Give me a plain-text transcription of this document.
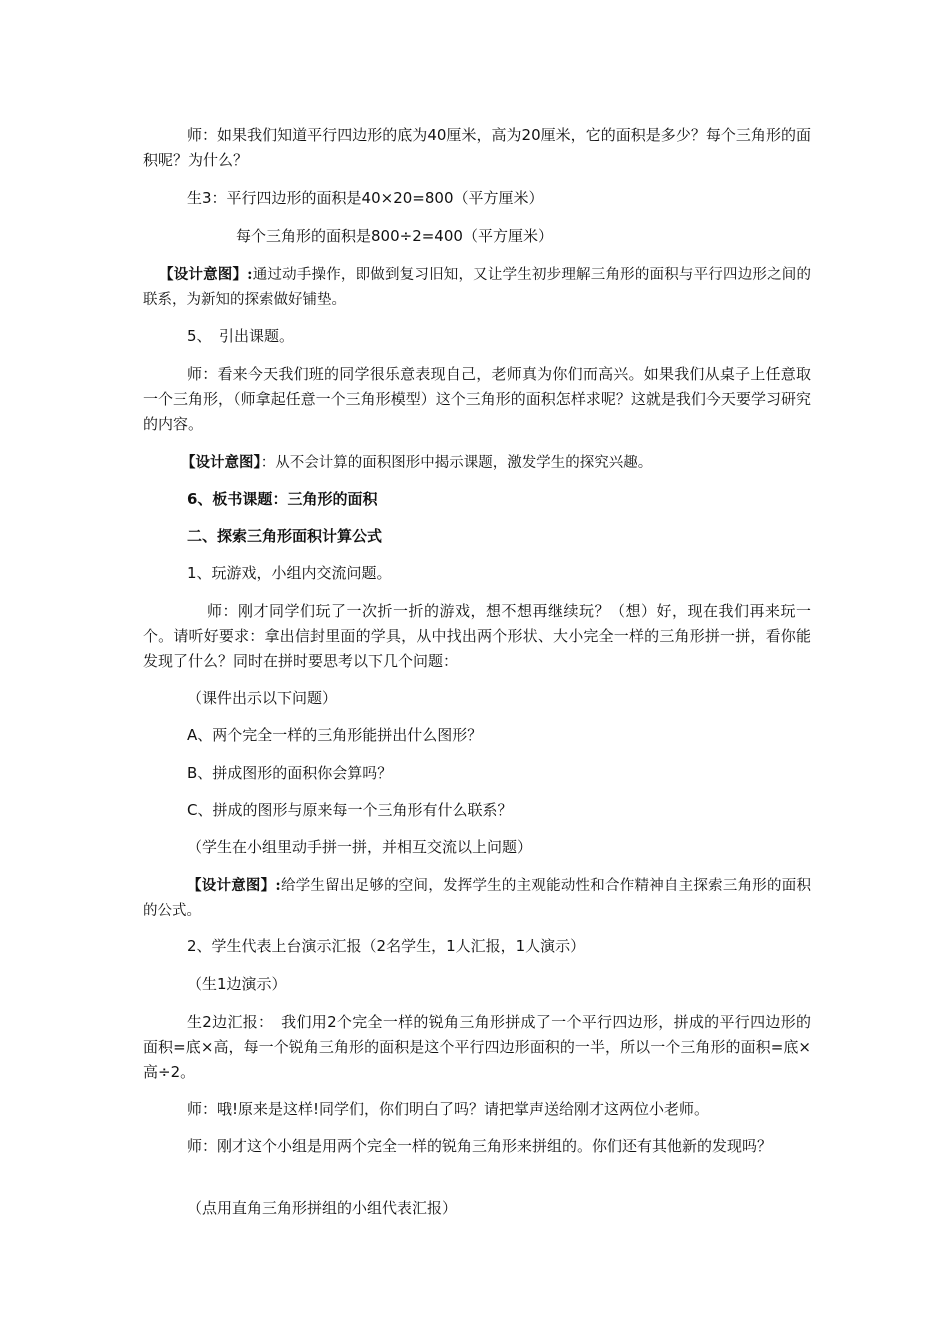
师：如果我们知道平行四边形的底为40厘米，高为20厘米，它的面积是多少？每个三角形的面积呢？为什么？
生3：平行四边形的面积是40×20=800（平方厘米）
每个三角形的面积是800÷2=400（平方厘米）
【设计意图】:通过动手操作，即做到复习旧知，又让学生初步理解三角形的面积与平行四边形之间的联系，为新知的探索做好铺垫。
5、　引出课题。
师：看来今天我们班的同学很乐意表现自己，老师真为你们而高兴。如果我们从桌子上任意取一个三角形，（师拿起任意一个三角形模型）这个三角形的面积怎样求呢？这就是我们今天要学习研究的内容。
【设计意图】：从不会计算的面积图形中揭示课题，激发学生的探究兴趣。
6、板书课题：三角形的面积
二、探索三角形面积计算公式
1、玩游戏，小组内交流问题。
师：刚才同学们玩了一次折一折的游戏，想不想再继续玩？（想）好，现在我们再来玩一个。请听好要求：拿出信封里面的学具，从中找出两个形状、大小完全一样的三角形拼一拼，看你能发现了什么？同时在拼时要思考以下几个问题：
（课件出示以下问题）
A、两个完全一样的三角形能拼出什么图形？
B、拼成图形的面积你会算吗？
C、拼成的图形与原来每一个三角形有什么联系？
（学生在小组里动手拼一拼，并相互交流以上问题）
【设计意图】:给学生留出足够的空间，发挥学生的主观能动性和合作精神自主探索三角形的面积的公式。
2、学生代表上台演示汇报（2名学生，1人汇报，1人演示）
（生1边演示）
生2边汇报：　我们用2个完全一样的锐角三角形拼成了一个平行四边形，拼成的平行四边形的面积=底×高，每一个锐角三角形的面积是这个平行四边形面积的一半，所以一个三角形的面积=底×高÷2。
师：哦!原来是这样!同学们，你们明白了吗？请把掌声送给刚才这两位小老师。
师：刚才这个小组是用两个完全一样的锐角三角形来拼组的。你们还有其他新的发现吗？
（点用直角三角形拼组的小组代表汇报）
